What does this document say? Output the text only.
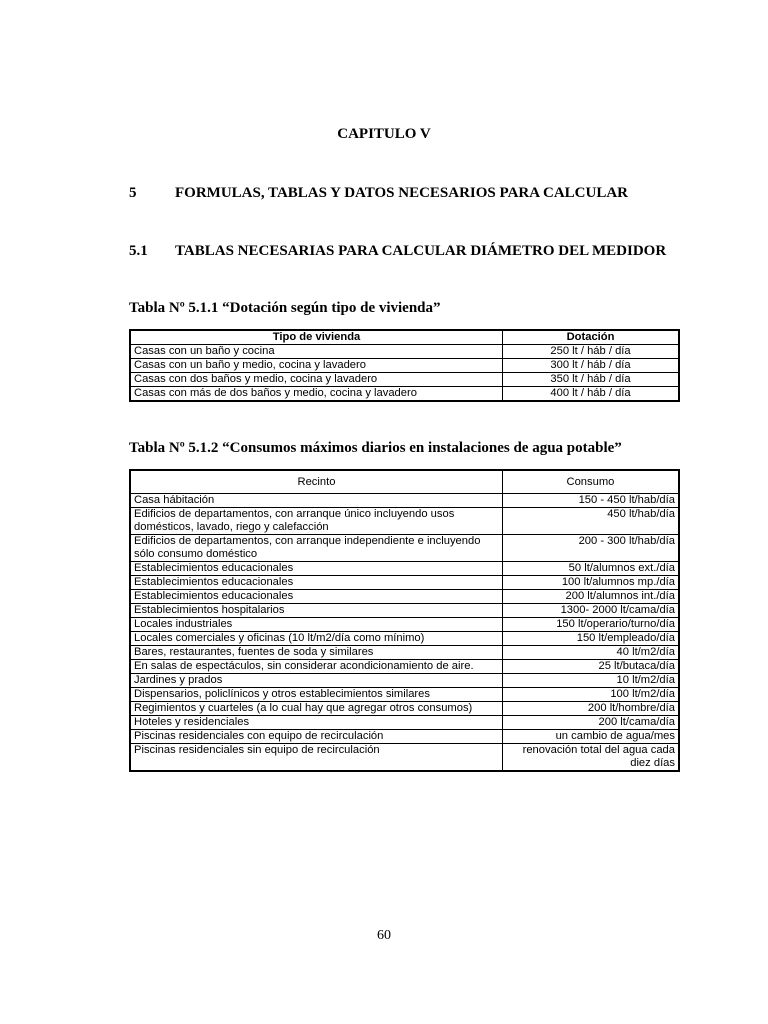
CAPITULO V
5	FORMULAS, TABLAS Y DATOS NECESARIOS PARA CALCULAR
5.1 TABLAS NECESARIAS PARA CALCULAR DIÁMETRO DEL MEDIDOR
Tabla Nº 5.1.1 “Dotación según tipo de vivienda”
Tipo de vivienda	Dotación
Casas con un baño y cocina	250 lt / háb / día
Casas con un baño y medio, cocina y lavadero	300 lt / háb / día
Casas con dos baños y medio, cocina y lavadero	350 lt / háb / día
Casas con más de dos baños y medio, cocina y lavadero	400 lt / háb / día
Tabla Nº 5.1.2 “Consumos máximos diarios en instalaciones de agua potable”
Recinto	Consumo
Casa hábitación	150 - 450 lt/hab/día
Edificios de departamentos, con arranque único incluyendo usos domésticos, lavado, riego y calefacción	450 lt/hab/día
Edificios de departamentos, con arranque independiente e incluyendo sólo consumo doméstico	200 - 300 lt/hab/día
Establecimientos educacionales	50 lt/alumnos ext./día
Establecimientos educacionales	100 lt/alumnos mp./día
Establecimientos educacionales	200 lt/alumnos int./día
Establecimientos hospitalarios	1300- 2000 lt/cama/día
Locales industriales	150 lt/operario/turno/día
Locales comerciales y oficinas (10 lt/m2/día como mínimo)	150 lt/empleado/día
Bares, restaurantes, fuentes de soda y similares	40 lt/m2/día
En salas de espectáculos, sin considerar acondicionamiento de aire.	25 lt/butaca/día
Jardines y prados	10 lt/m2/día
Dispensarios, policlínicos y otros establecimientos similares	100 lt/m2/día
Regimientos y cuarteles (a lo cual hay que agregar otros consumos)	200 lt/hombre/día
Hoteles y residenciales	200 lt/cama/día
Piscinas residenciales con equipo de recirculación	un cambio de agua/mes
Piscinas residenciales sin equipo de recirculación	renovación total del agua cada diez días
60
